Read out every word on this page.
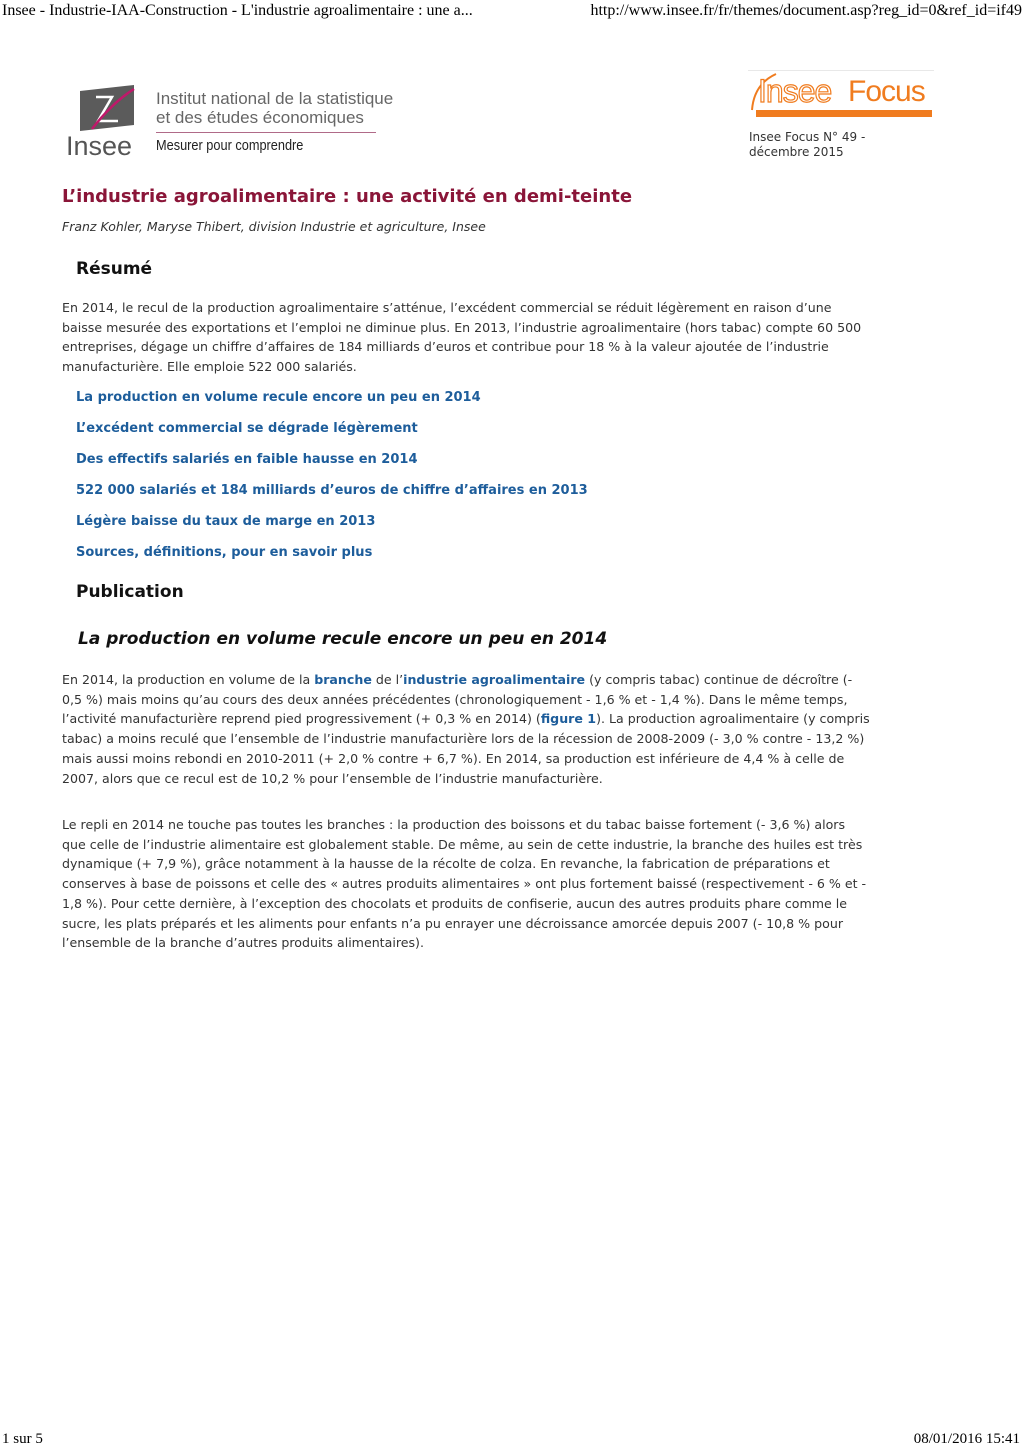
Insee - Industrie-IAA-Construction - L'industrie agroalimentaire : une a...	http://www.insee.fr/fr/themes/document.asp?reg_id=0&ref_id=if49
Insee
Institut national de la statistique
et des études économiques
Mesurer pour comprendre
Insee Focus
Insee Focus N° 49 -
décembre 2015
L’industrie agroalimentaire : une activité en demi-teinte
Franz Kohler, Maryse Thibert, division Industrie et agriculture, Insee
Résumé

En 2014, le recul de la production agroalimentaire s’atténue, l’excédent commercial se réduit légèrement en raison d’une baisse mesurée des exportations et l’emploi ne diminue plus. En 2013, l’industrie agroalimentaire (hors tabac) compte 60 500 entreprises, dégage un chiffre d’affaires de 184 milliards d’euros et contribue pour 18 % à la valeur ajoutée de l’industrie manufacturière. Elle emploie 522 000 salariés.

La production en volume recule encore un peu en 2014
L’excédent commercial se dégrade légèrement
Des effectifs salariés en faible hausse en 2014
522 000 salariés et 184 milliards d’euros de chiffre d’affaires en 2013
Légère baisse du taux de marge en 2013
Sources, définitions, pour en savoir plus
Publication
La production en volume recule encore un peu en 2014

En 2014, la production en volume de la branche de l’industrie agroalimentaire (y compris tabac) continue de décroître (- 0,5 %) mais moins qu’au cours des deux années précédentes (chronologiquement - 1,6 % et - 1,4 %). Dans le même temps, l’activité manufacturière reprend pied progressivement (+ 0,3 % en 2014) (figure 1). La production agroalimentaire (y compris tabac) a moins reculé que l’ensemble de l’industrie manufacturière lors de la récession de 2008-2009 (- 3,0 % contre - 13,2 %) mais aussi moins rebondi en 2010-2011 (+ 2,0 % contre + 6,7 %). En 2014, sa production est inférieure de 4,4 % à celle de 2007, alors que ce recul est de 10,2 % pour l’ensemble de l’industrie manufacturière.

Le repli en 2014 ne touche pas toutes les branches : la production des boissons et du tabac baisse fortement (- 3,6 %) alors que celle de l’industrie alimentaire est globalement stable. De même, au sein de cette industrie, la branche des huiles est très dynamique (+ 7,9 %), grâce notamment à la hausse de la récolte de colza. En revanche, la fabrication de préparations et conserves à base de poissons et celle des « autres produits alimentaires » ont plus fortement baissé (respectivement - 6 % et - 1,8 %). Pour cette dernière, à l’exception des chocolats et produits de confiserie, aucun des autres produits phare comme le sucre, les plats préparés et les aliments pour enfants n’a pu enrayer une décroissance amorcée depuis 2007 (- 10,8 % pour l’ensemble de la branche d’autres produits alimentaires).

1 sur 5	08/01/2016 15:41
